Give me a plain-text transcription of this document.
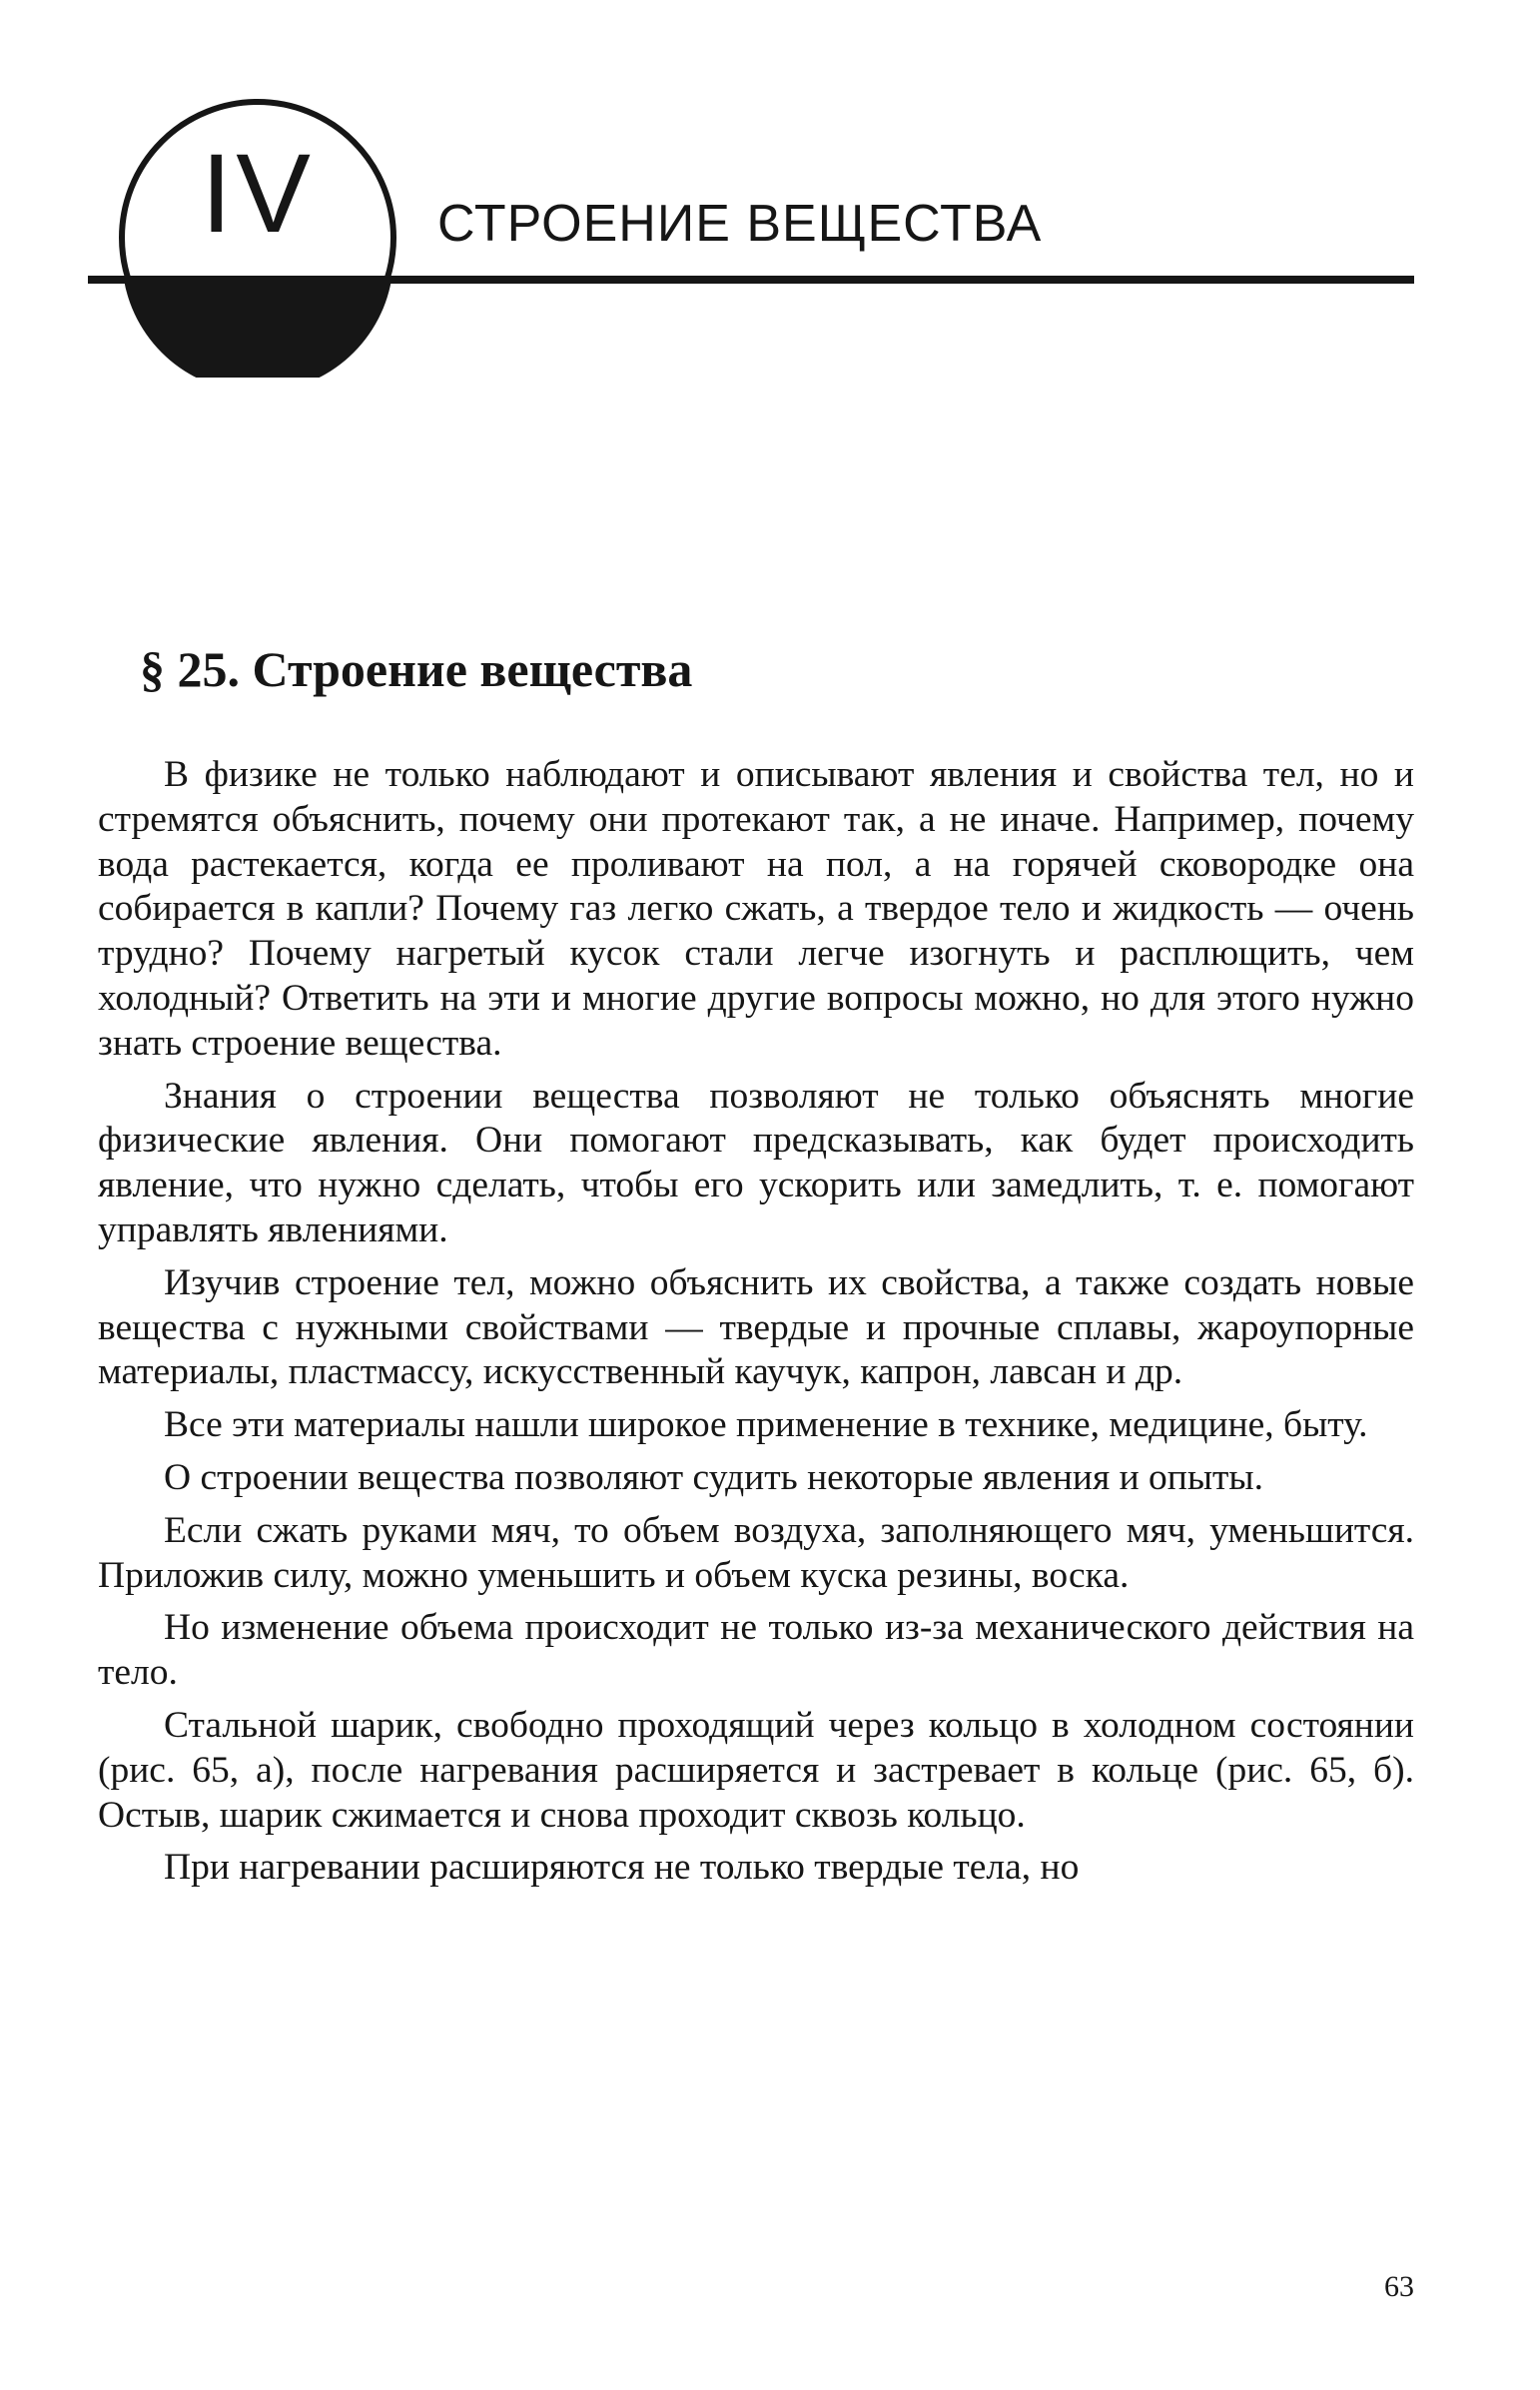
IV	СТРОЕНИЕ ВЕЩЕСТВА
§ 25. Строение вещества

В физике не только наблюдают и описывают явления и свойства тел, но и стремятся объяснить, почему они протекают так, а не иначе. Например, почему вода растекается, когда ее проливают на пол, а на горячей сковородке она собирается в капли? Почему газ легко сжать, а твердое тело и жидкость — очень трудно? Почему нагретый кусок стали легче изогнуть и расплющить, чем холодный? Ответить на эти и многие другие вопросы можно, но для этого нужно знать строение вещества.

Знания о строении вещества позволяют не только объяснять многие физические явления. Они помогают предсказывать, как будет происходить явление, что нужно сделать, чтобы его ускорить или замедлить, т. е. помогают управлять явлениями.

Изучив строение тел, можно объяснить их свойства, а также создать новые вещества с нужными свойствами — твердые и прочные сплавы, жароупорные материалы, пластмассу, искусственный каучук, капрон, лавсан и др.

Все эти материалы нашли широкое применение в технике, медицине, быту.

О строении вещества позволяют судить некоторые явления и опыты.

Если сжать руками мяч, то объем воздуха, заполняющего мяч, уменьшится. Приложив силу, можно уменьшить и объем куска резины, воска.

Но изменение объема происходит не только из-за механического действия на тело.

Стальной шарик, свободно проходящий через кольцо в холодном состоянии (рис. 65, а), после нагревания расширяется и застревает в кольце (рис. 65, б). Остыв, шарик сжимается и снова проходит сквозь кольцо.

При нагревании расширяются не только твердые тела, но

63
